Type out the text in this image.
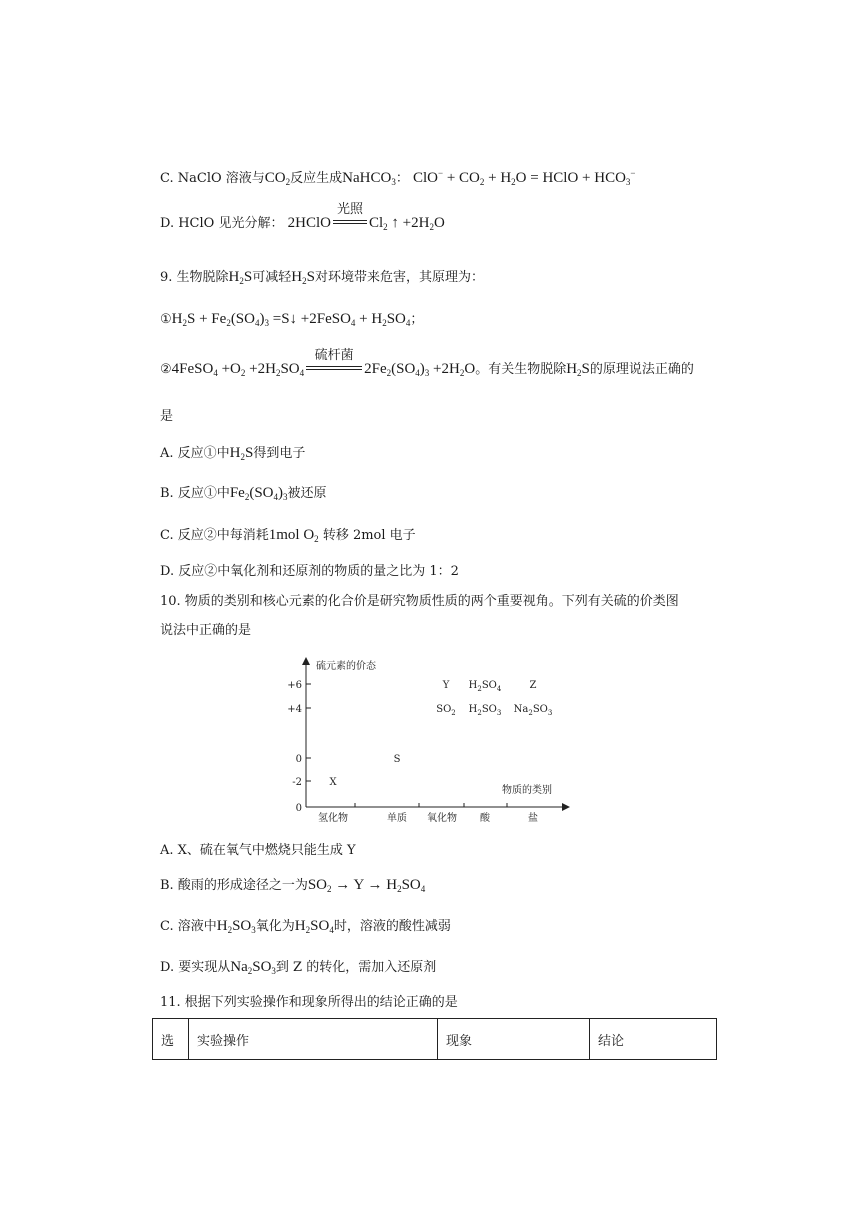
C. NaClO 溶液与$CO_2$反应生成NaHCO$_3$： $ClO^- + CO_2 + H_2O$ = HClO + $HCO_3^-$
D. HClO 见光分解： 2HClO
光照
$Cl_2$ ↑ $+2H_2O$
9. 生物脱除$H_2S$可减轻$H_2S$对环境带来危害，其原理为：
$①H_2S + Fe_2(SO_4)_3$ =S↓ +2FeSO$_4$ + $H_2SO_4$；
②4FeSO$_4$ $+O_2 +2H_2SO_4$
硫杆菌
$2Fe_2(SO_4)_3 +2H_2O$。有关生物脱除$H_2S$的原理说法正确的
是
A. 反应①中$H_2S$得到电子
B. 反应①中$Fe_2(SO_4)_3$被还原
C. 反应②中每消耗1mol $O_2$ 转移 2mol 电子
D. 反应②中氧化剂和还原剂的物质的量之比为 1：2
10. 物质的类别和核心元素的化合价是研究物质性质的两个重要视角。下列有关硫的价类图
说法中正确的是
硫元素的价态
物质的类别
0
-2
0
+4
+6
氢化物	单质 氧化物 酸	盐
X
S
$SO_2$
Y
$H_2SO_3$
$H_2SO_4$
$Na_2SO_3$
Z
A. X、硫在氧气中燃烧只能生成 Y
B. 酸雨的形成途径之一为$SO_2 \to Y \to H_2SO_4$
C. 溶液中$H_2SO_3$氧化为$H_2SO_4$时，溶液的酸性减弱
D. 要实现从$Na_2SO_3$到 Z 的转化，需加入还原剂
11. 根据下列实验操作和现象所得出的结论正确的是
选	实验操作	现象	结论
